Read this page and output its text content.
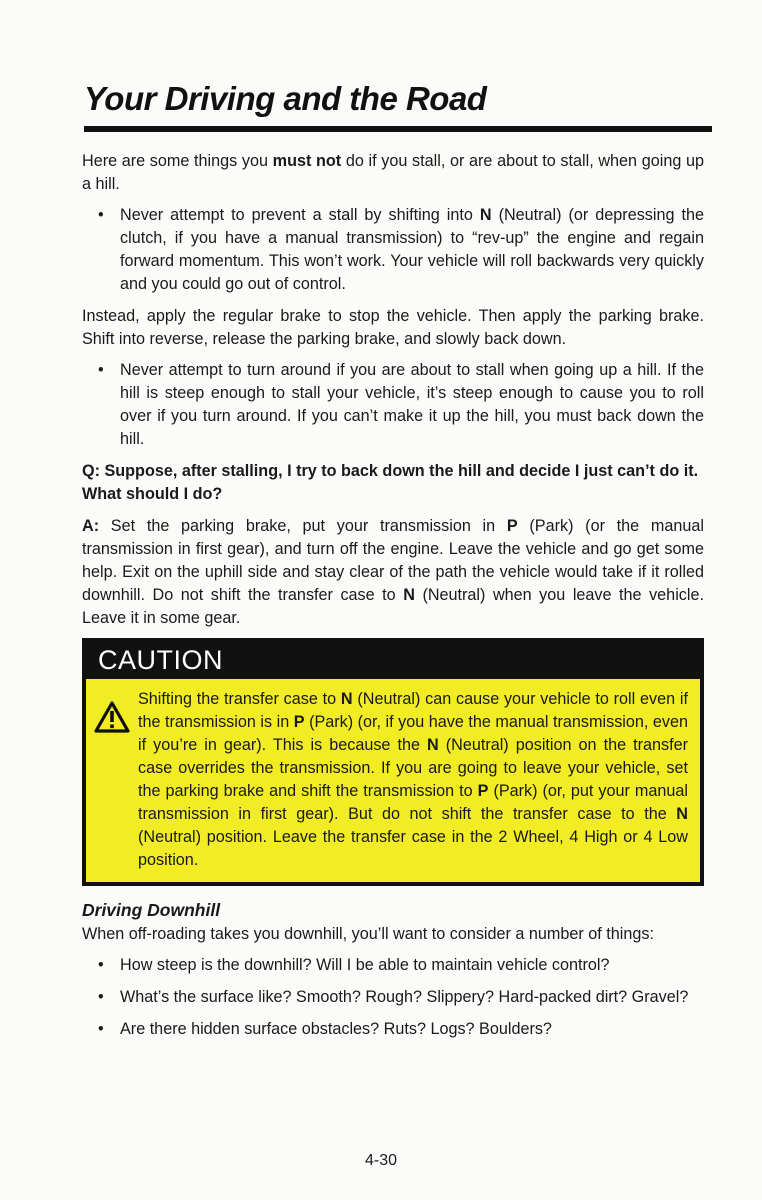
Your Driving and the Road

Here are some things you must not do if you stall, or are about to stall, when going up a hill.

• Never attempt to prevent a stall by shifting into N (Neutral) (or depressing the clutch, if you have a manual transmission) to “rev-up” the engine and regain forward momentum. This won’t work. Your vehicle will roll backwards very quickly and you could go out of control.

Instead, apply the regular brake to stop the vehicle. Then apply the parking brake. Shift into reverse, release the parking brake, and slowly back down.

• Never attempt to turn around if you are about to stall when going up a hill. If the hill is steep enough to stall your vehicle, it’s steep enough to cause you to roll over if you turn around. If you can’t make it up the hill, you must back down the hill.

Q: Suppose, after stalling, I try to back down the hill and decide I just can’t do it. What should I do?

A: Set the parking brake, put your transmission in P (Park) (or the manual transmission in first gear), and turn off the engine. Leave the vehicle and go get some help. Exit on the uphill side and stay clear of the path the vehicle would take if it rolled downhill. Do not shift the transfer case to N (Neutral) when you leave the vehicle. Leave it in some gear.

CAUTION
Shifting the transfer case to N (Neutral) can cause your vehicle to roll even if the transmission is in P (Park) (or, if you have the manual transmission, even if you’re in gear). This is because the N (Neutral) position on the transfer case overrides the transmission. If you are going to leave your vehicle, set the parking brake and shift the transmission to P (Park) (or, put your manual transmission in first gear). But do not shift the transfer case to the N (Neutral) position. Leave the transfer case in the 2 Wheel, 4 High or 4 Low position.

Driving Downhill

When off-roading takes you downhill, you’ll want to consider a number of things:

• How steep is the downhill? Will I be able to maintain vehicle control?
• What’s the surface like? Smooth? Rough? Slippery? Hard-packed dirt? Gravel?
• Are there hidden surface obstacles? Ruts? Logs? Boulders?
4-30
